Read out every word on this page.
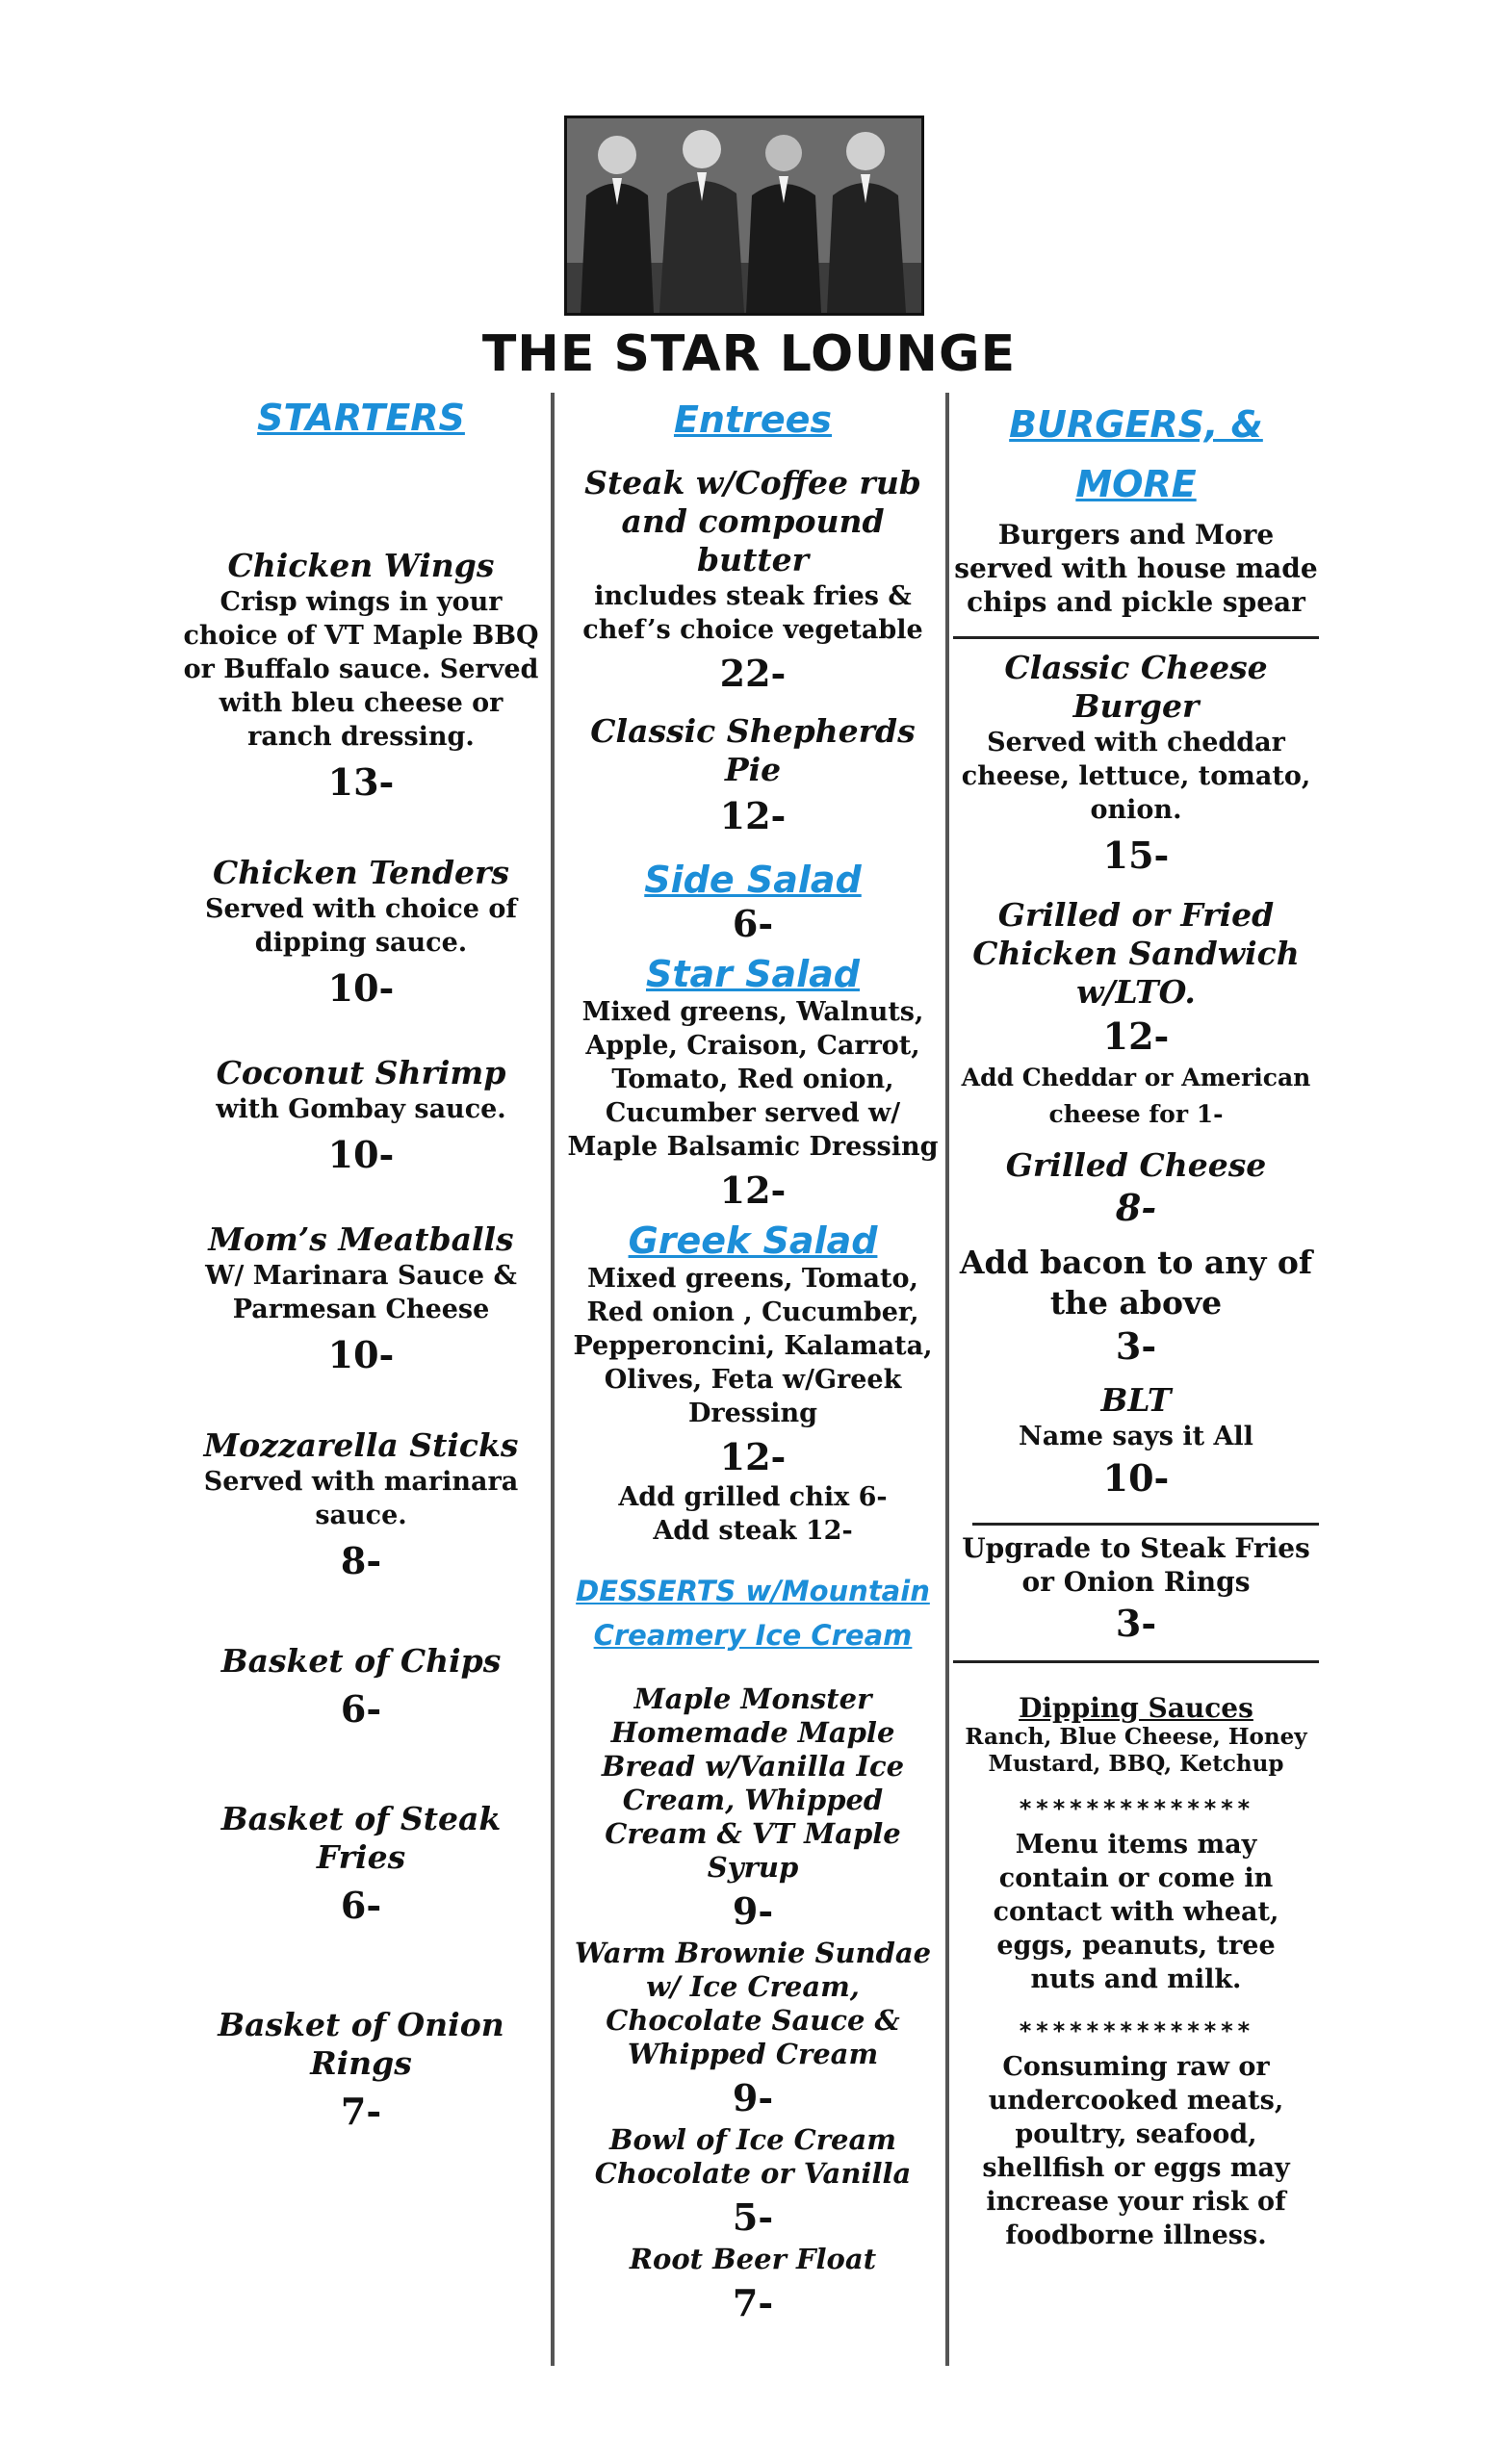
THE STAR LOUNGE
STARTERS
Chicken Wings
Crisp wings in your choice of VT Maple BBQ or Buffalo sauce. Served with bleu cheese or ranch dressing.
13-
Chicken Tenders
Served with choice of dipping sauce.
10-
Coconut Shrimp
with Gombay sauce.
10-
Mom’s Meatballs
W/ Marinara Sauce & Parmesan Cheese
10-
Mozzarella Sticks
Served with marinara sauce.
8-
Basket of Chips
6-
Basket of Steak Fries
6-
Basket of Onion Rings
7-
Entrees
Steak w/Coffee rub and compound butter
includes steak fries & chef’s choice vegetable
22-
Classic Shepherds Pie
12-
Side Salad
6-
Star Salad
Mixed greens, Walnuts, Apple, Craison, Carrot, Tomato, Red onion, Cucumber served w/ Maple Balsamic Dressing
12-
Greek Salad
Mixed greens, Tomato, Red onion , Cucumber, Pepperoncini, Kalamata, Olives, Feta w/Greek Dressing
12-
Add grilled chix 6-
Add steak 12-
DESSERTS w/Mountain Creamery Ice Cream
Maple Monster Homemade Maple Bread w/Vanilla Ice Cream, Whipped Cream & VT Maple Syrup
9-
Warm Brownie Sundae w/ Ice Cream, Chocolate Sauce & Whipped Cream
9-
Bowl of Ice Cream Chocolate or Vanilla
5-
Root Beer Float
7-
BURGERS, & MORE
Burgers and More served with house made chips and pickle spear
Classic Cheese Burger
Served with cheddar cheese, lettuce, tomato, onion.
15-
Grilled or Fried Chicken Sandwich w/LTO.
12-
Add Cheddar or American cheese for 1-
Grilled Cheese
8-
Add bacon to any of the above
3-
BLT
Name says it All
10-
Upgrade to Steak Fries or Onion Rings
3-
Dipping Sauces
Ranch, Blue Cheese, Honey Mustard, BBQ, Ketchup
**************
Menu items may contain or come in contact with wheat, eggs, peanuts, tree nuts and milk.
**************
Consuming raw or undercooked meats, poultry, seafood, shellfish or eggs may increase your risk of foodborne illness.
